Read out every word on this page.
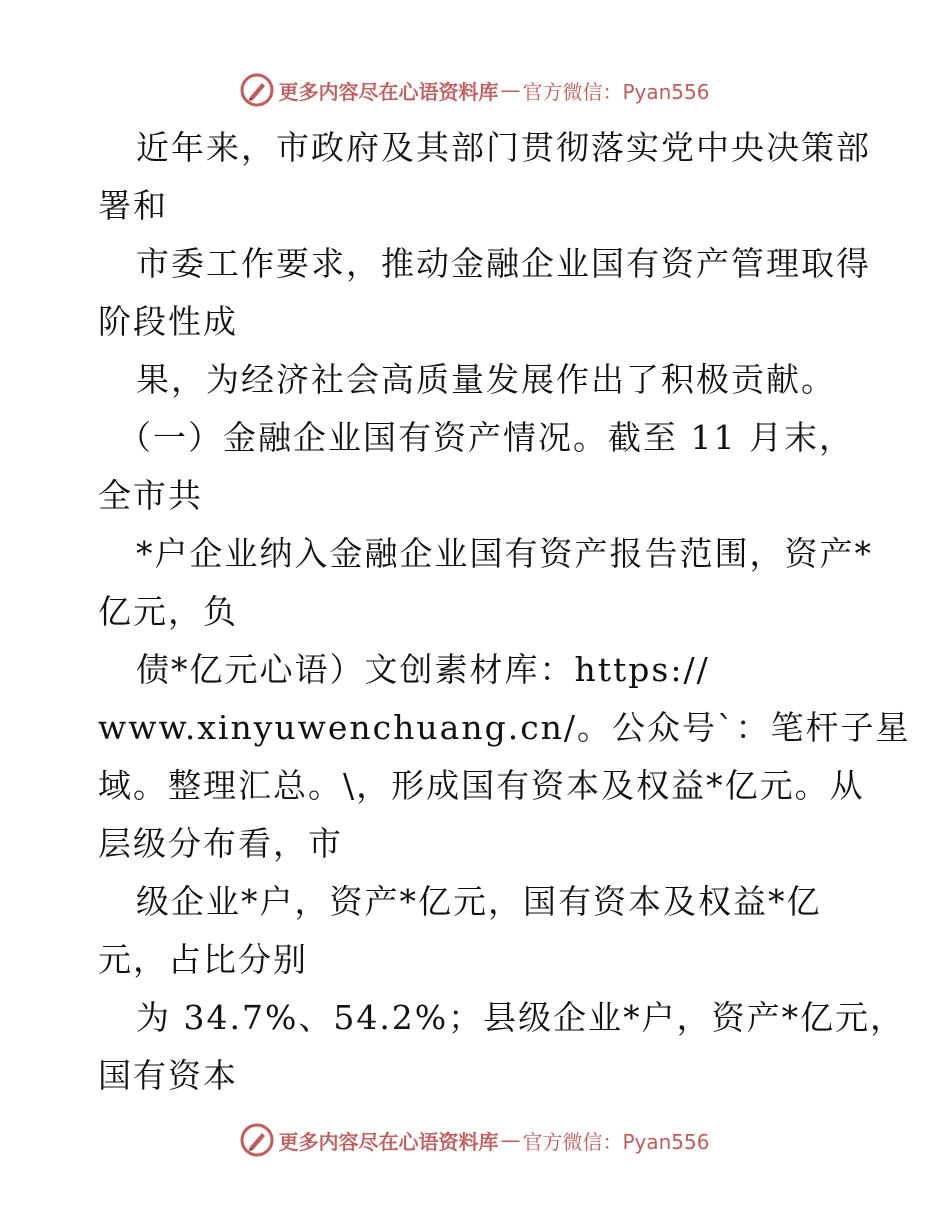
更多内容尽在心语资料库 — 官方微信：Pyan556
近年来，市政府及其部门贯彻落实党中央决策部
署和
市委工作要求，推动金融企业国有资产管理取得
阶段性成
果，为经济社会高质量发展作出了积极贡献。
（一）金融企业国有资产情况。截至 11 月末，
全市共
*户企业纳入金融企业国有资产报告范围，资产*
亿元，负
债*亿元心语）文创素材库：https://
www.xinyuwenchuang.cn/。公众号`：笔杆子星
域。整理汇总。\，形成国有资本及权益*亿元。从
层级分布看，市
级企业*户，资产*亿元，国有资本及权益*亿
元，占比分别
为 34.7%、54.2%；县级企业*户，资产*亿元，
国有资本
更多内容尽在心语资料库 — 官方微信：Pyan556
